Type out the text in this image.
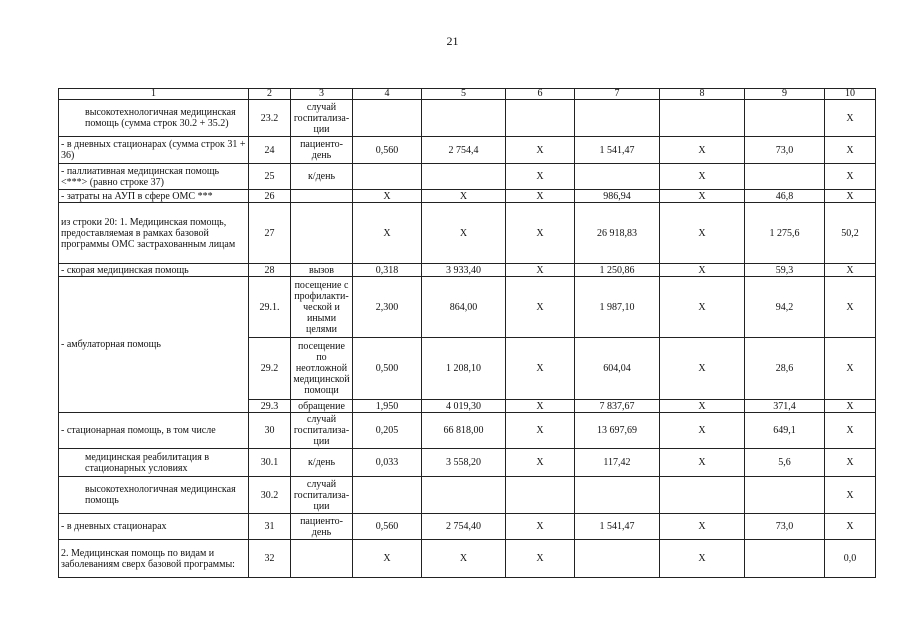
21
1	2	3	4	5	6	7	8	9	10
высокотехнологичная медицинская помощь (сумма строк 30.2 + 35.2)	23.2	случай госпитализа-ции							Х
- в дневных стационарах (сумма строк 31 + 36)	24	пациенто-день	0,560	2 754,4	Х	1 541,47	Х	73,0	Х
- паллиативная медицинская помощь <***> (равно строке 37)	25	к/день			Х		Х		Х
- затраты на АУП в сфере ОМС ***	26		Х	Х	Х	986,94	Х	46,8	Х
из строки 20: 1. Медицинская помощь, предоставляемая в рамках базовой программы ОМС застрахованным лицам	27		Х	Х	Х	26 918,83	Х	1 275,6	50,2
- скорая медицинская помощь	28	вызов	0,318	3 933,40	Х	1 250,86	Х	59,3	Х
- амбулаторная помощь	29.1.	посещение с профилакти-ческой и иными целями	2,300	864,00	Х	1 987,10	Х	94,2	Х
	29.2	посещение по неотложной медицинской помощи	0,500	1 208,10	Х	604,04	Х	28,6	Х
	29.3	обращение	1,950	4 019,30	Х	7 837,67	Х	371,4	Х
- стационарная помощь, в том числе	30	случай госпитализа-ции	0,205	66 818,00	Х	13 697,69	Х	649,1	Х
медицинская реабилитация в стационарных условиях	30.1	к/день	0,033	3 558,20	Х	117,42	Х	5,6	Х
высокотехнологичная медицинская помощь	30.2	случай госпитализа-ции							Х
- в дневных стационарах	31	пациенто-день	0,560	2 754,40	Х	1 541,47	Х	73,0	Х
2. Медицинская помощь по видам и заболеваниям сверх базовой программы:	32		Х	Х	Х		Х		0,0
